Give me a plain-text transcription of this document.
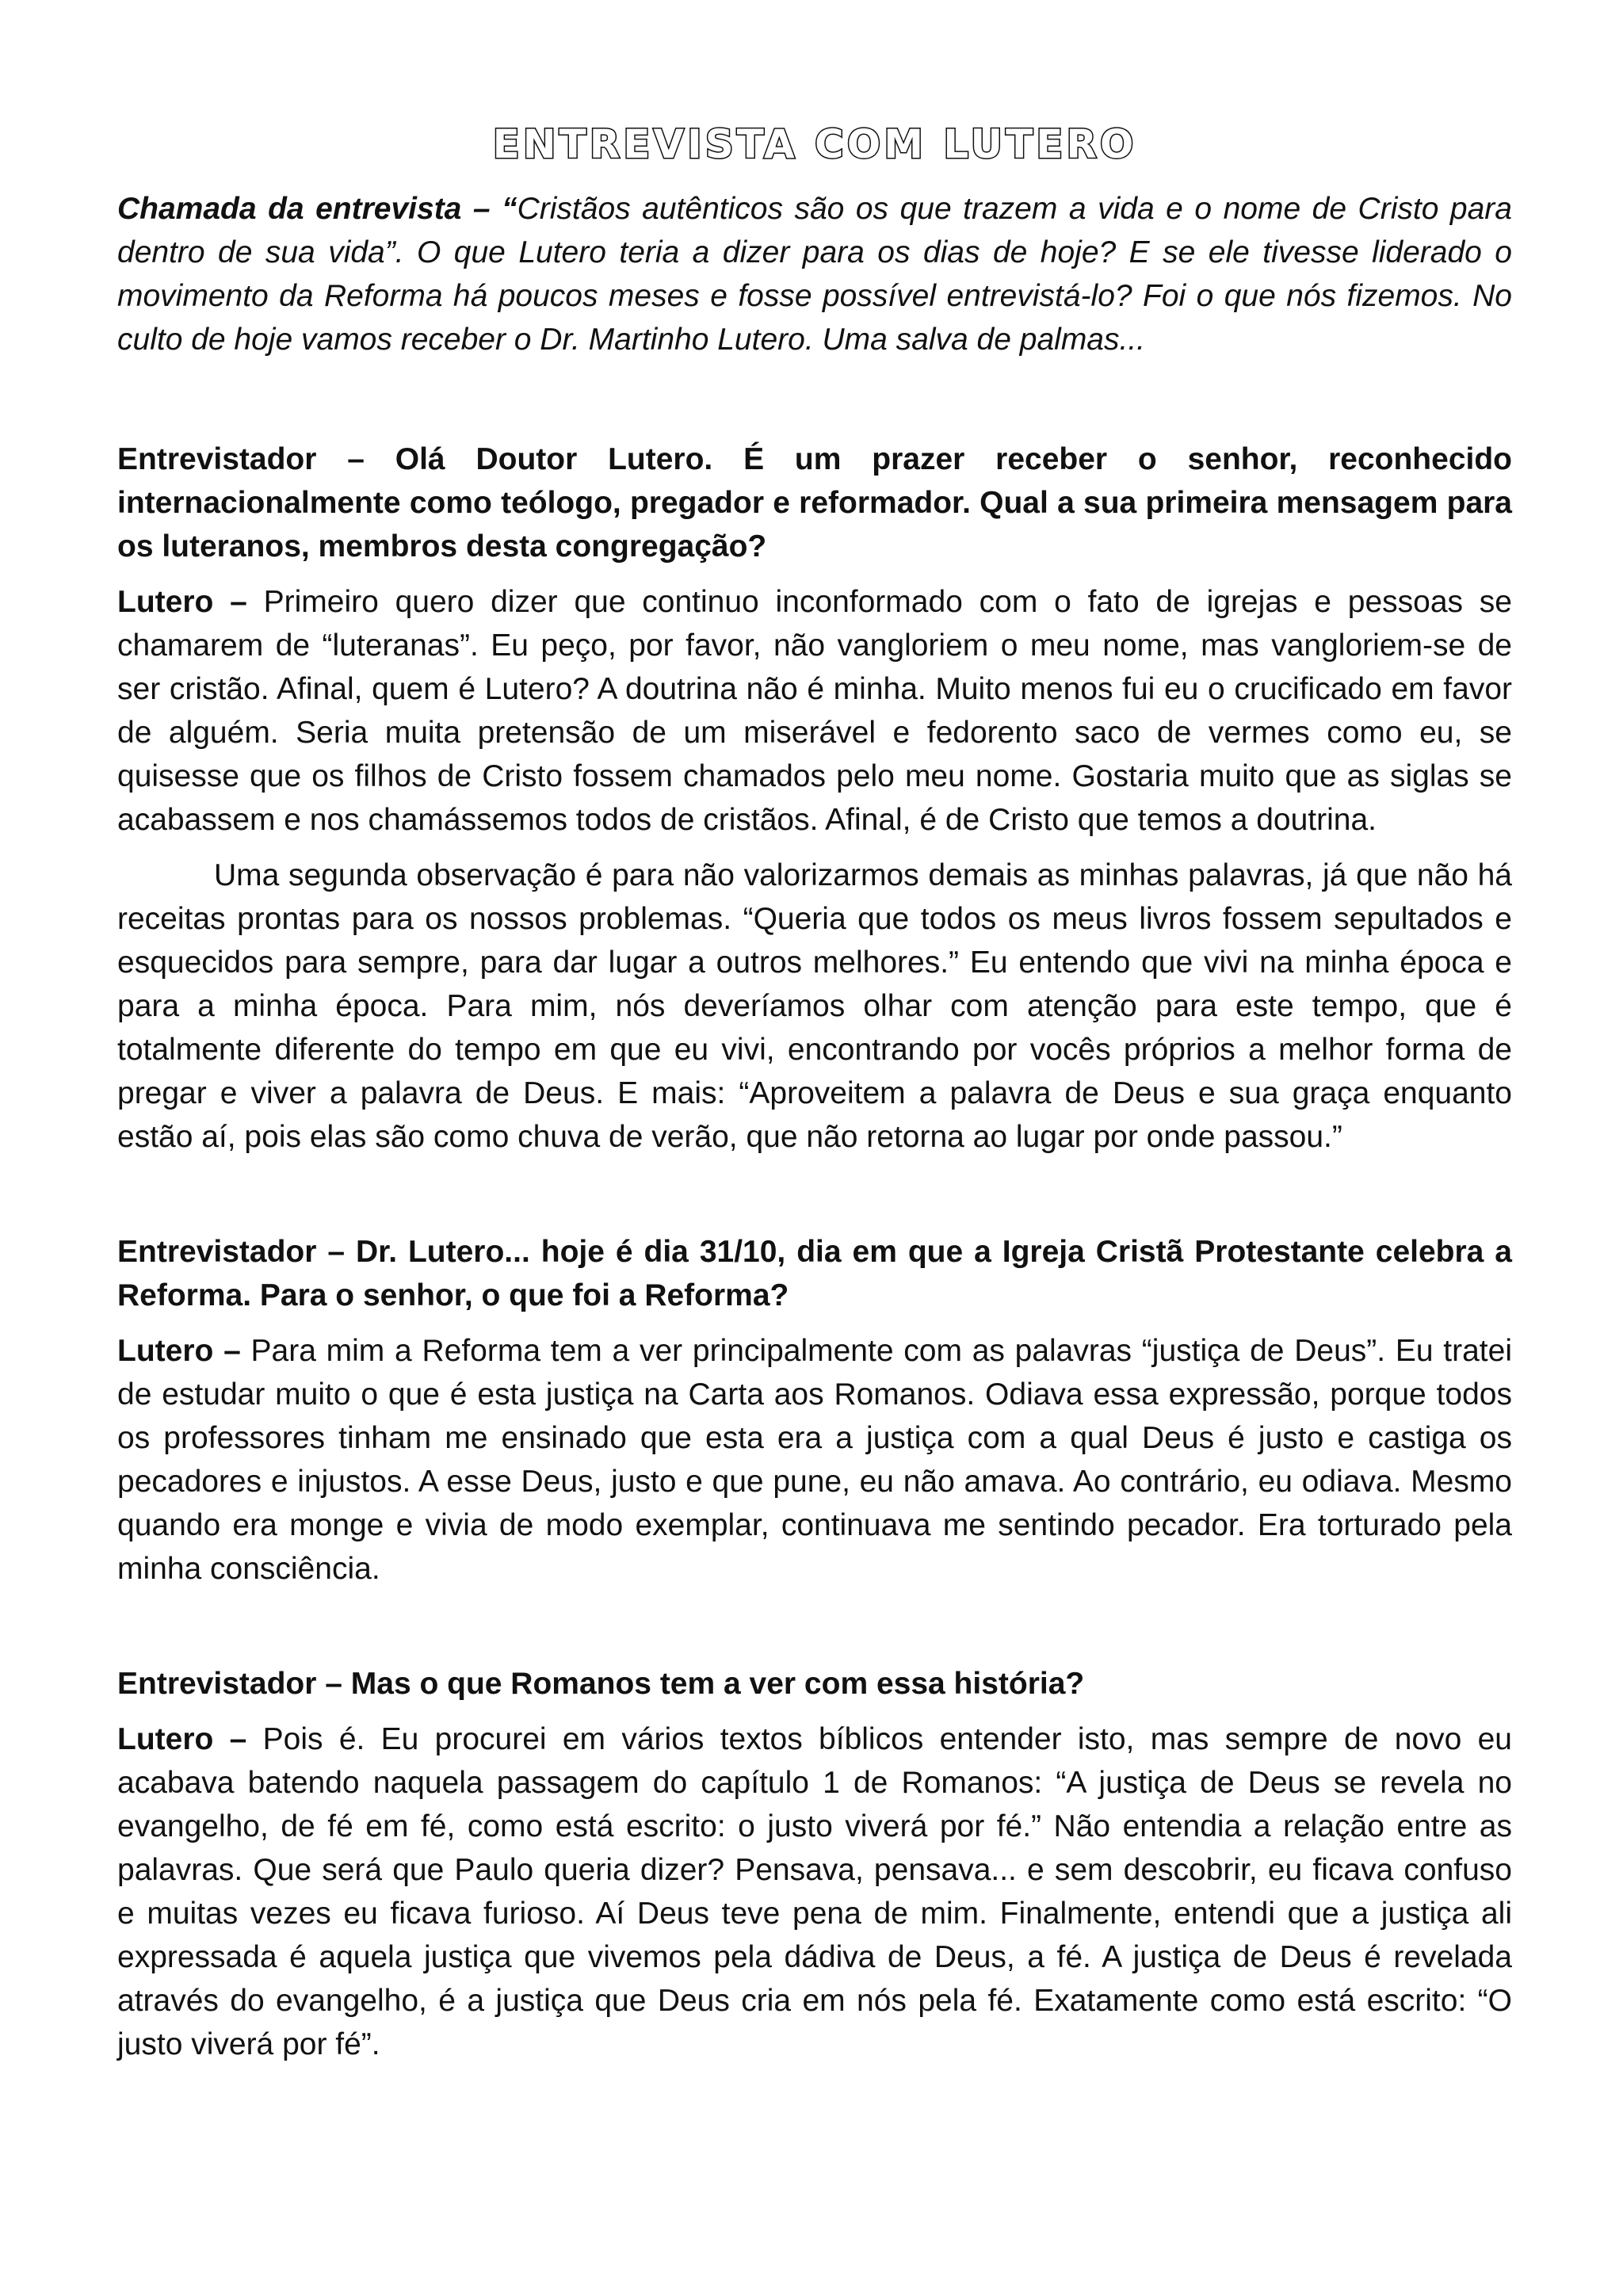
ENTREVISTA COM LUTERO

Chamada da entrevista – “Cristãos autênticos são os que trazem a vida e o nome de Cristo para dentro de sua vida”. O que Lutero teria a dizer para os dias de hoje? E se ele tivesse liderado o movimento da Reforma há poucos meses e fosse possível entrevistá-lo? Foi o que nós fizemos. No culto de hoje vamos receber o Dr. Martinho Lutero. Uma salva de palmas...

Entrevistador – Olá Doutor Lutero. É um prazer receber o senhor, reconhecido internacionalmente como teólogo, pregador e reformador. Qual a sua primeira mensagem para os luteranos, membros desta congregação?

Lutero – Primeiro quero dizer que continuo inconformado com o fato de igrejas e pessoas se chamarem de “luteranas”. Eu peço, por favor, não vangloriem o meu nome, mas vangloriem-se de ser cristão. Afinal, quem é Lutero? A doutrina não é minha. Muito menos fui eu o crucificado em favor de alguém. Seria muita pretensão de um miserável e fedorento saco de vermes como eu, se quisesse que os filhos de Cristo fossem chamados pelo meu nome. Gostaria muito que as siglas se acabassem e nos chamássemos todos de cristãos. Afinal, é de Cristo que temos a doutrina.

Uma segunda observação é para não valorizarmos demais as minhas palavras, já que não há receitas prontas para os nossos problemas. “Queria que todos os meus livros fossem sepultados e esquecidos para sempre, para dar lugar a outros melhores.” Eu entendo que vivi na minha época e para a minha época. Para mim, nós deveríamos olhar com atenção para este tempo, que é totalmente diferente do tempo em que eu vivi, encontrando por vocês próprios a melhor forma de pregar e viver a palavra de Deus. E mais: “Aproveitem a palavra de Deus e sua graça enquanto estão aí, pois elas são como chuva de verão, que não retorna ao lugar por onde passou.”

Entrevistador – Dr. Lutero... hoje é dia 31/10, dia em que a Igreja Cristã Protestante celebra a Reforma. Para o senhor, o que foi a Reforma?

Lutero – Para mim a Reforma tem a ver principalmente com as palavras “justiça de Deus”. Eu tratei de estudar muito o que é esta justiça na Carta aos Romanos. Odiava essa expressão, porque todos os professores tinham me ensinado que esta era a justiça com a qual Deus é justo e castiga os pecadores e injustos. A esse Deus, justo e que pune, eu não amava. Ao contrário, eu odiava. Mesmo quando era monge e vivia de modo exemplar, continuava me sentindo pecador. Era torturado pela minha consciência.

Entrevistador – Mas o que Romanos tem a ver com essa história?

Lutero – Pois é. Eu procurei em vários textos bíblicos entender isto, mas sempre de novo eu acabava batendo naquela passagem do capítulo 1 de Romanos: “A justiça de Deus se revela no evangelho, de fé em fé, como está escrito: o justo viverá por fé.” Não entendia a relação entre as palavras. Que será que Paulo queria dizer? Pensava, pensava... e sem descobrir, eu ficava confuso e muitas vezes eu ficava furioso. Aí Deus teve pena de mim. Finalmente, entendi que a justiça ali expressada é aquela justiça que vivemos pela dádiva de Deus, a fé. A justiça de Deus é revelada através do evangelho, é a justiça que Deus cria em nós pela fé. Exatamente como está escrito: “O justo viverá por fé”.
